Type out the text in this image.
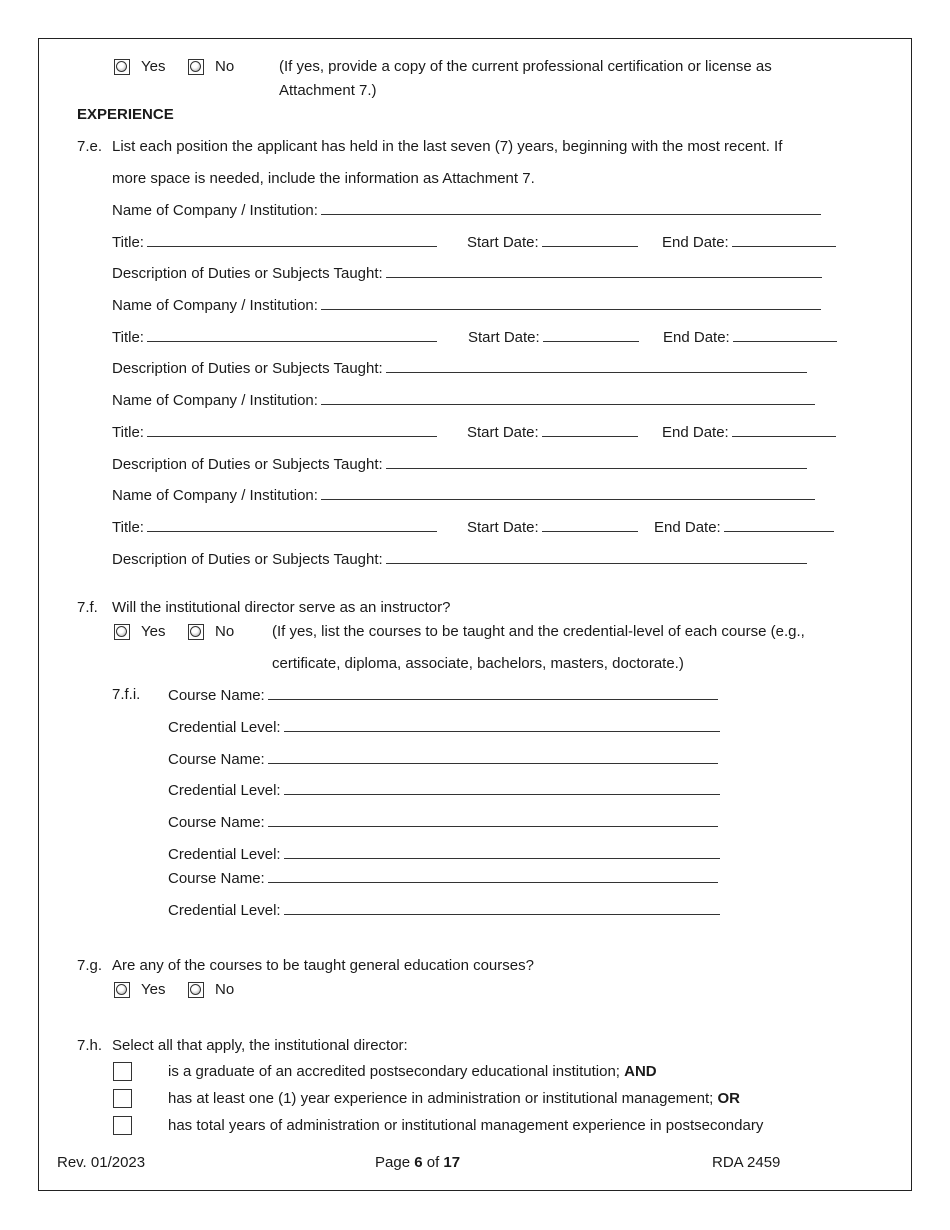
Yes	No	(If yes, provide a copy of the current professional certification or license as
Attachment 7.)
EXPERIENCE
7.e. List each position the applicant has held in the last seven (7) years, beginning with the most recent. If
more space is needed, include the information as Attachment 7.
Name of Company / Institution:
Title:	Start Date:	End Date:
Description of Duties or Subjects Taught:
Name of Company / Institution:
Title:	Start Date:	End Date:
Description of Duties or Subjects Taught:
Name of Company / Institution:
Title:	Start Date:	End Date:
Description of Duties or Subjects Taught:
Name of Company / Institution:
Title:	Start Date:	End Date:
Description of Duties or Subjects Taught:
7.f. Will the institutional director serve as an instructor?
Yes	No	(If yes, list the courses to be taught and the credential-level of each course (e.g.,
certificate, diploma, associate, bachelors, masters, doctorate.)
7.f.i. Course Name:
Credential Level:
Course Name:
Credential Level:
Course Name:
Credential Level:
Course Name:
Credential Level:
7.g. Are any of the courses to be taught general education courses?
Yes	No
7.h. Select all that apply, the institutional director:
is a graduate of an accredited postsecondary educational institution; AND
has at least one (1) year experience in administration or institutional management; OR
has total years of administration or institutional management experience in postsecondary
Rev. 01/2023	Page 6 of 17	RDA 2459
